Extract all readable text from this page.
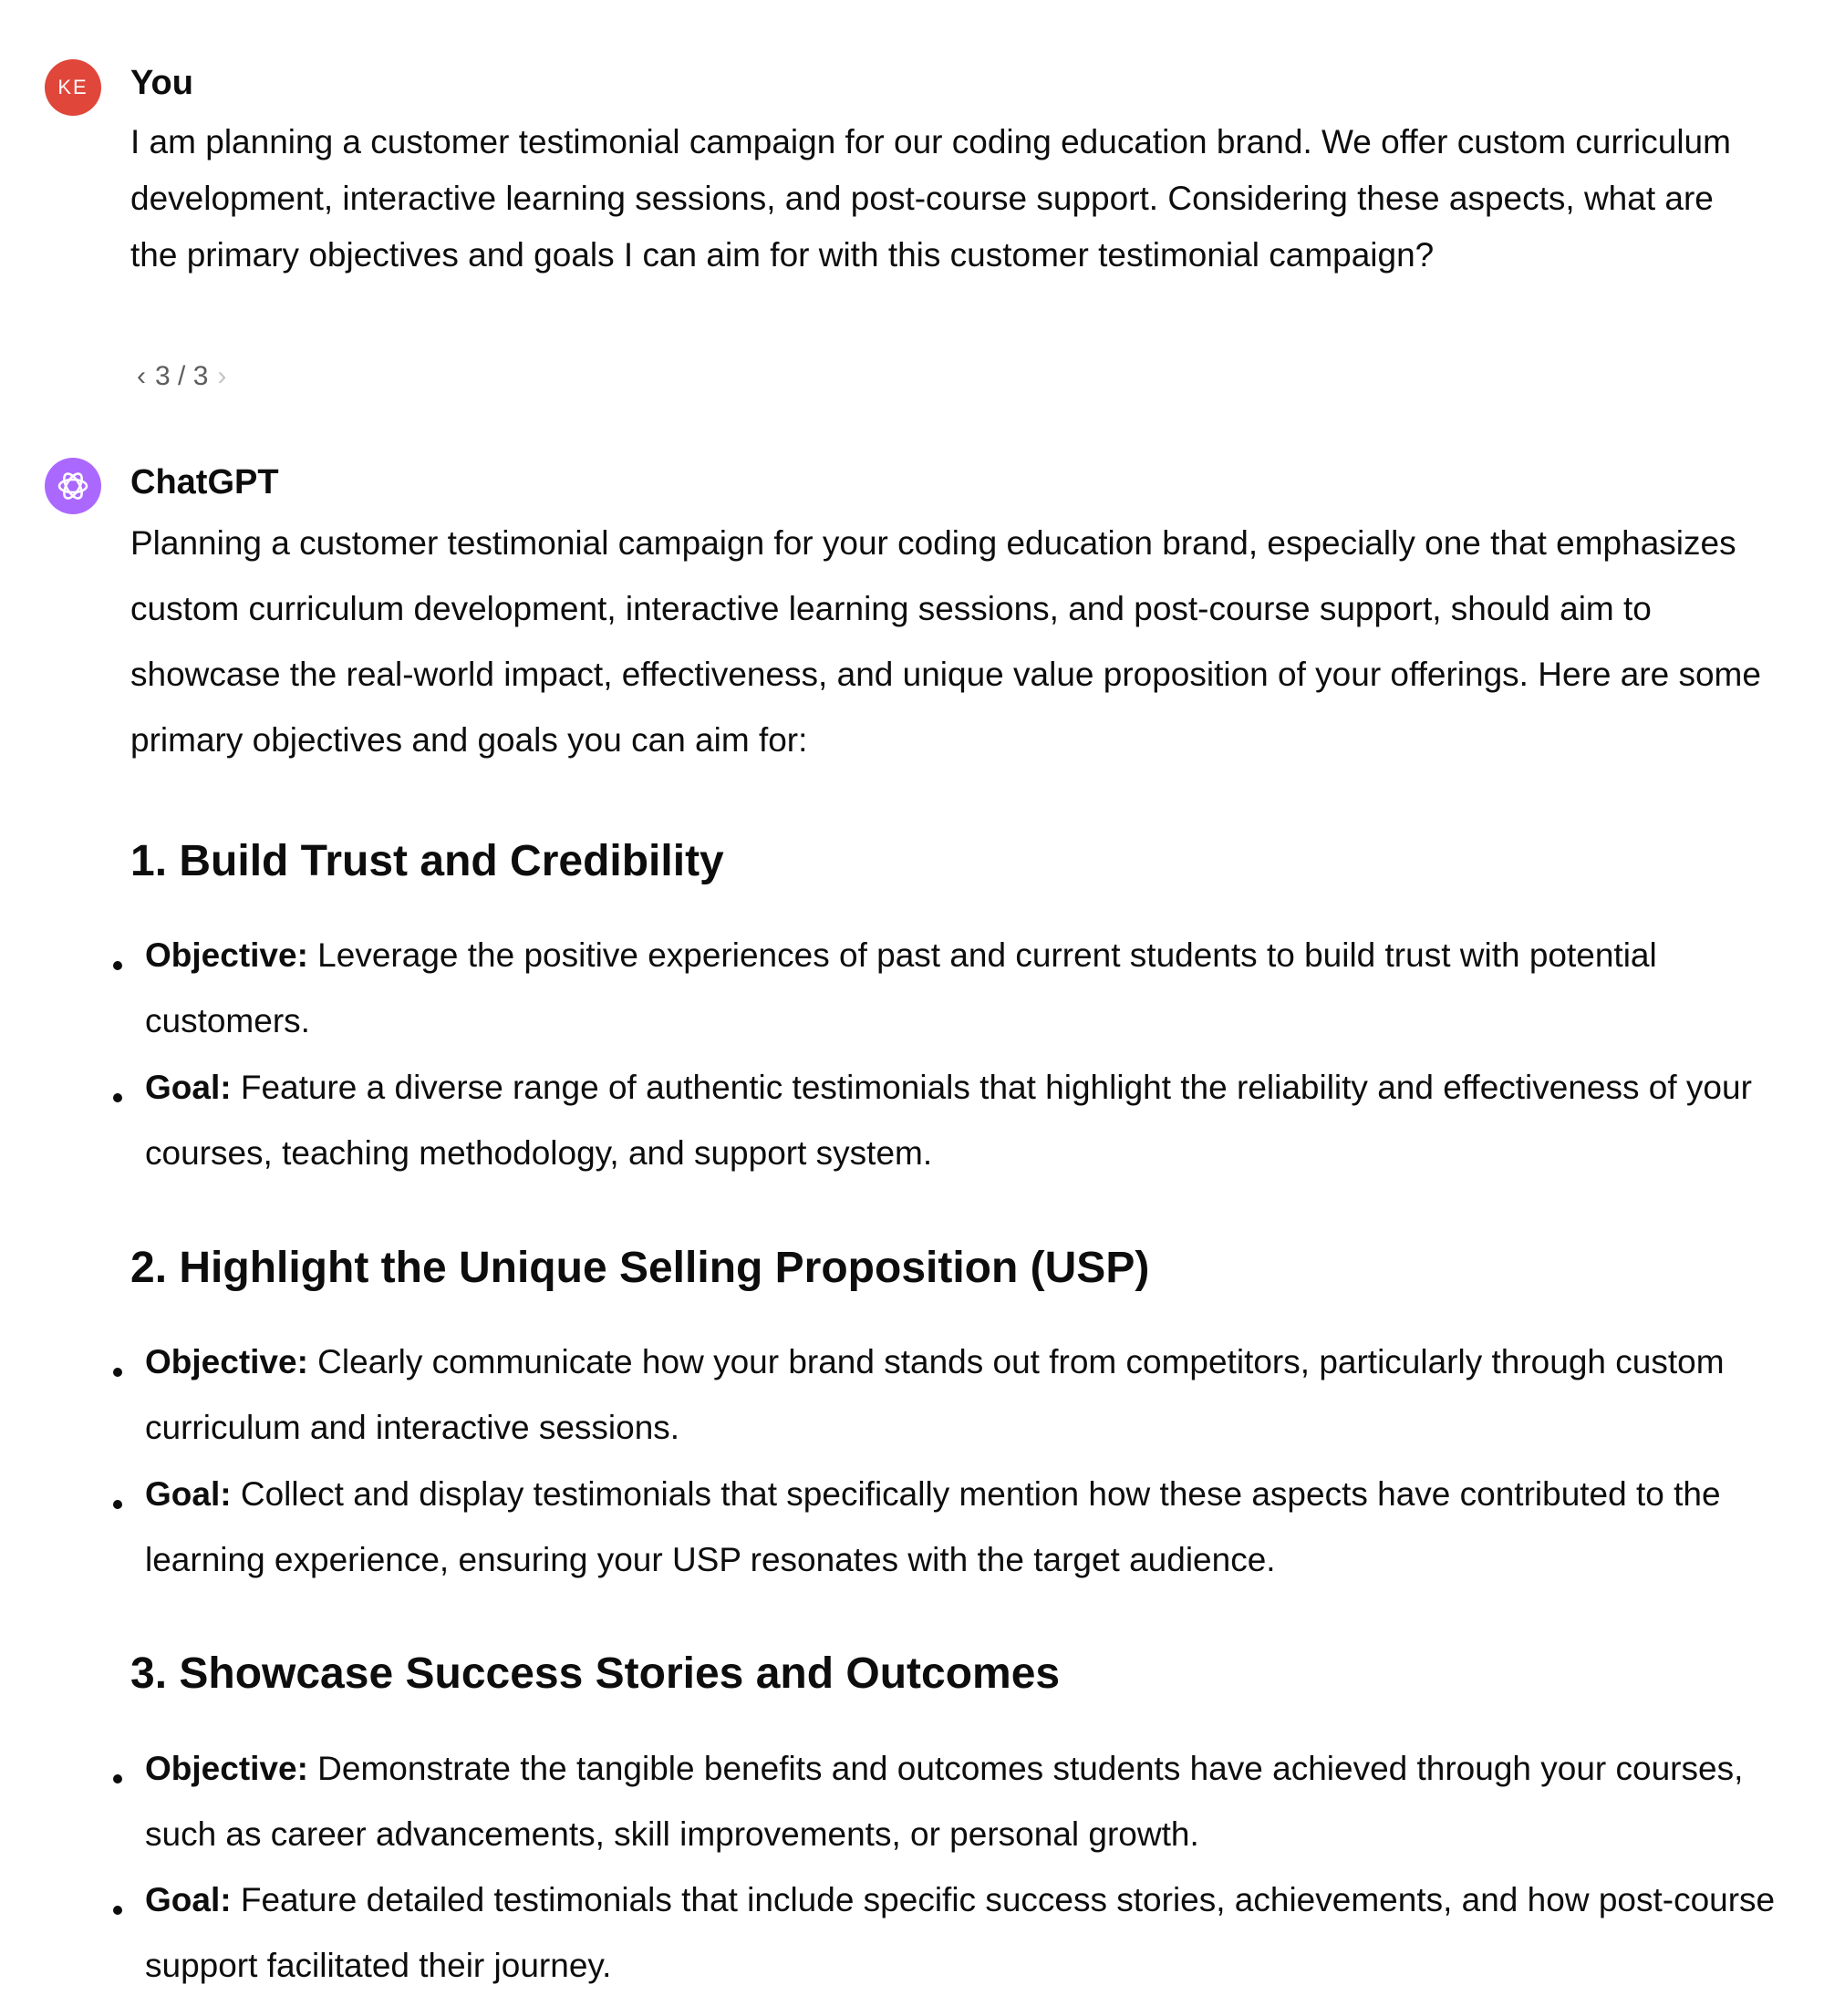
KE You
I am planning a customer testimonial campaign for our coding education brand. We offer custom curriculum development, interactive learning sessions, and post-course support. Considering these aspects, what are the primary objectives and goals I can aim for with this customer testimonial campaign?
‹ 3 / 3 ›
ChatGPT
Planning a customer testimonial campaign for your coding education brand, especially one that emphasizes custom curriculum development, interactive learning sessions, and post-course support, should aim to showcase the real-world impact, effectiveness, and unique value proposition of your offerings. Here are some primary objectives and goals you can aim for:
1. Build Trust and Credibility
Objective: Leverage the positive experiences of past and current students to build trust with potential customers.
Goal: Feature a diverse range of authentic testimonials that highlight the reliability and effectiveness of your courses, teaching methodology, and support system.
2. Highlight the Unique Selling Proposition (USP)
Objective: Clearly communicate how your brand stands out from competitors, particularly through custom curriculum and interactive sessions.
Goal: Collect and display testimonials that specifically mention how these aspects have contributed to the learning experience, ensuring your USP resonates with the target audience.
3. Showcase Success Stories and Outcomes
Objective: Demonstrate the tangible benefits and outcomes students have achieved through your courses, such as career advancements, skill improvements, or personal growth.
Goal: Feature detailed testimonials that include specific success stories, achievements, and how post-course support facilitated their journey.
